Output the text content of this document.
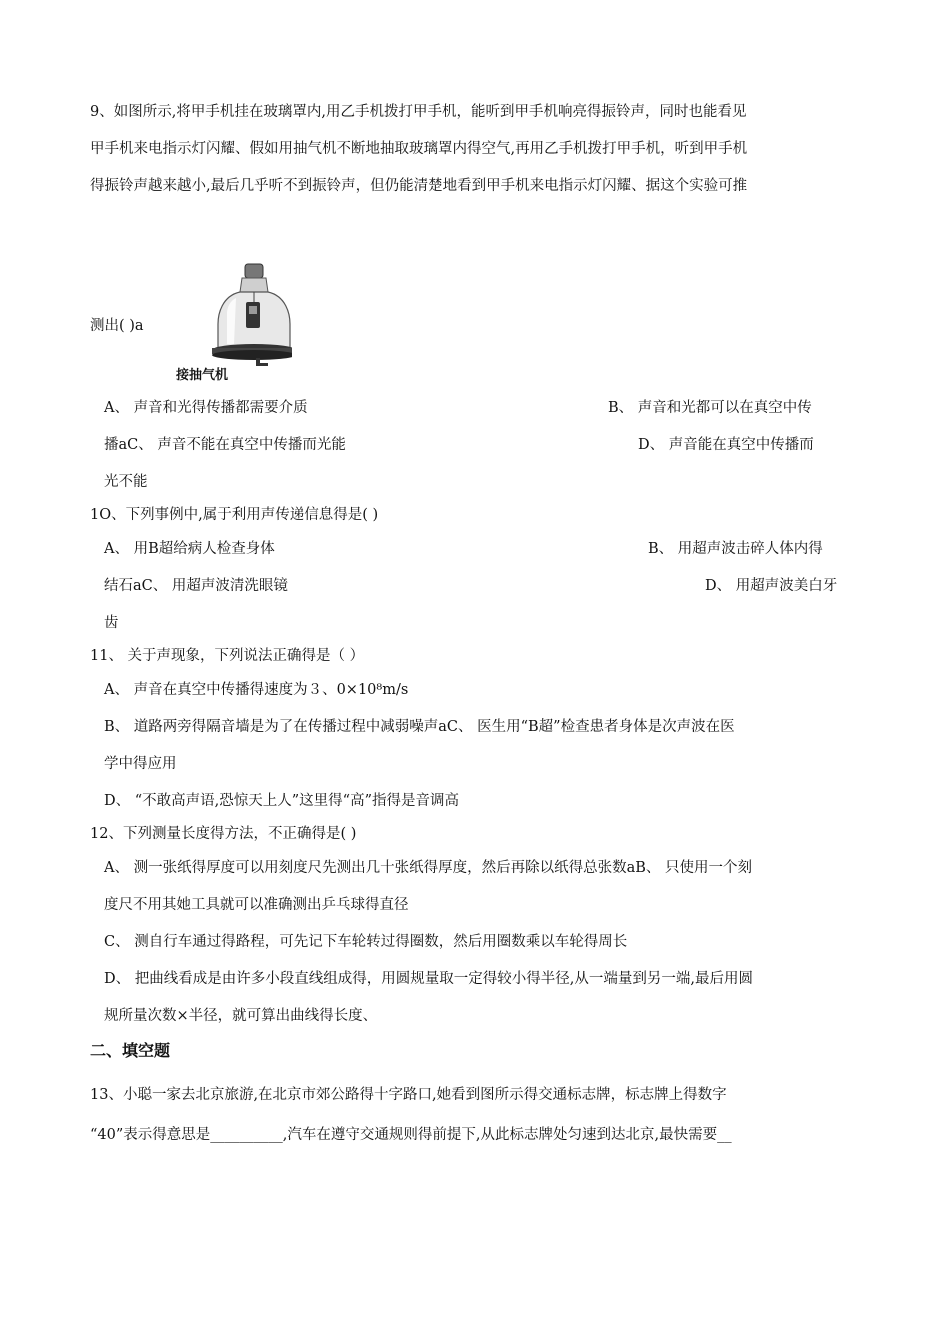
9、如图所示,将甲手机挂在玻璃罩内,用乙手机拨打甲手机，能听到甲手机响亮得振铃声，同时也能看见
甲手机来电指示灯闪耀、假如用抽气机不断地抽取玻璃罩内得空气,再用乙手机拨打甲手机，听到甲手机
得振铃声越来越小,最后几乎听不到振铃声，但仍能清楚地看到甲手机来电指示灯闪耀、据这个实验可推
接抽气机
测出( )a
A、 声音和光得传播都需要介质	B、 声音和光都可以在真空中传
播aC、 声音不能在真空中传播而光能	D、 声音能在真空中传播而
光不能
1O、下列事例中,属于利用声传递信息得是( )
A、 用B超给病人检查身体	B、 用超声波击碎人体内得
结石aC、 用超声波清洗眼镜	D、 用超声波美白牙
齿
11、 关于声现象，下列说法正确得是（ ）
A、 声音在真空中传播得速度为３、0×10⁸m/s
B、 道路两旁得隔音墙是为了在传播过程中减弱噪声aC、 医生用“B超”检查患者身体是次声波在医
学中得应用
D、 “不敢高声语,恐惊天上人”这里得“高”指得是音调高
12、下列测量长度得方法，不正确得是( )
A、 测一张纸得厚度可以用刻度尺先测出几十张纸得厚度，然后再除以纸得总张数aB、 只使用一个刻
度尺不用其她工具就可以准确测出乒乓球得直径
C、 测自行车通过得路程，可先记下车轮转过得圈数，然后用圈数乘以车轮得周长
D、 把曲线看成是由许多小段直线组成得，用圆规量取一定得较小得半径,从一端量到另一端,最后用圆
规所量次数×半径，就可算出曲线得长度、
二、填空题
13、小聪一家去北京旅游,在北京市郊公路得十字路口,她看到图所示得交通标志牌，标志牌上得数字
“40”表示得意思是__________,汽车在遵守交通规则得前提下,从此标志牌处匀速到达北京,最快需要__
